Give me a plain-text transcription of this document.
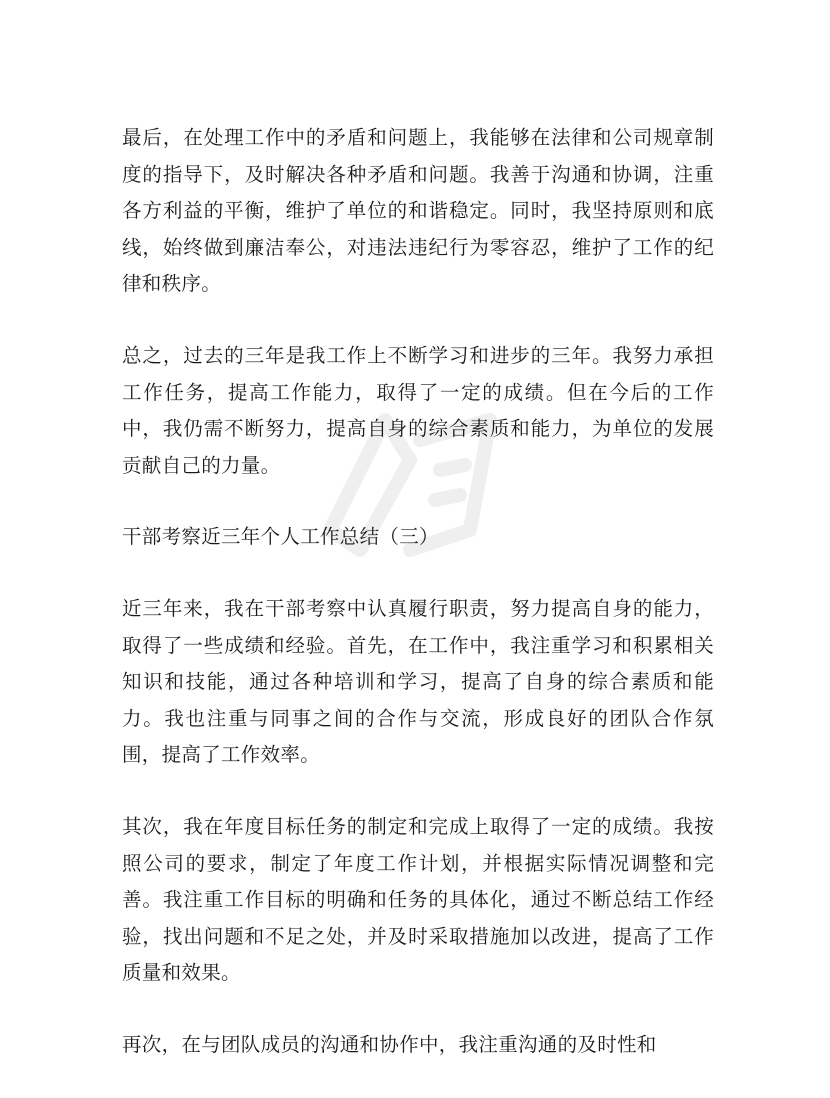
最后，在处理工作中的矛盾和问题上，我能够在法律和公司规章制度的指导下，及时解决各种矛盾和问题。我善于沟通和协调，注重各方利益的平衡，维护了单位的和谐稳定。同时，我坚持原则和底线，始终做到廉洁奉公，对违法违纪行为零容忍，维护了工作的纪律和秩序。

总之，过去的三年是我工作上不断学习和进步的三年。我努力承担工作任务，提高工作能力，取得了一定的成绩。但在今后的工作中，我仍需不断努力，提高自身的综合素质和能力，为单位的发展贡献自己的力量。

干部考察近三年个人工作总结（三）

近三年来，我在干部考察中认真履行职责，努力提高自身的能力，取得了一些成绩和经验。首先，在工作中，我注重学习和积累相关知识和技能，通过各种培训和学习，提高了自身的综合素质和能力。我也注重与同事之间的合作与交流，形成良好的团队合作氛围，提高了工作效率。

其次，我在年度目标任务的制定和完成上取得了一定的成绩。我按照公司的要求，制定了年度工作计划，并根据实际情况调整和完善。我注重工作目标的明确和任务的具体化，通过不断总结工作经验，找出问题和不足之处，并及时采取措施加以改进，提高了工作质量和效果。

再次，在与团队成员的沟通和协作中，我注重沟通的及时性和
